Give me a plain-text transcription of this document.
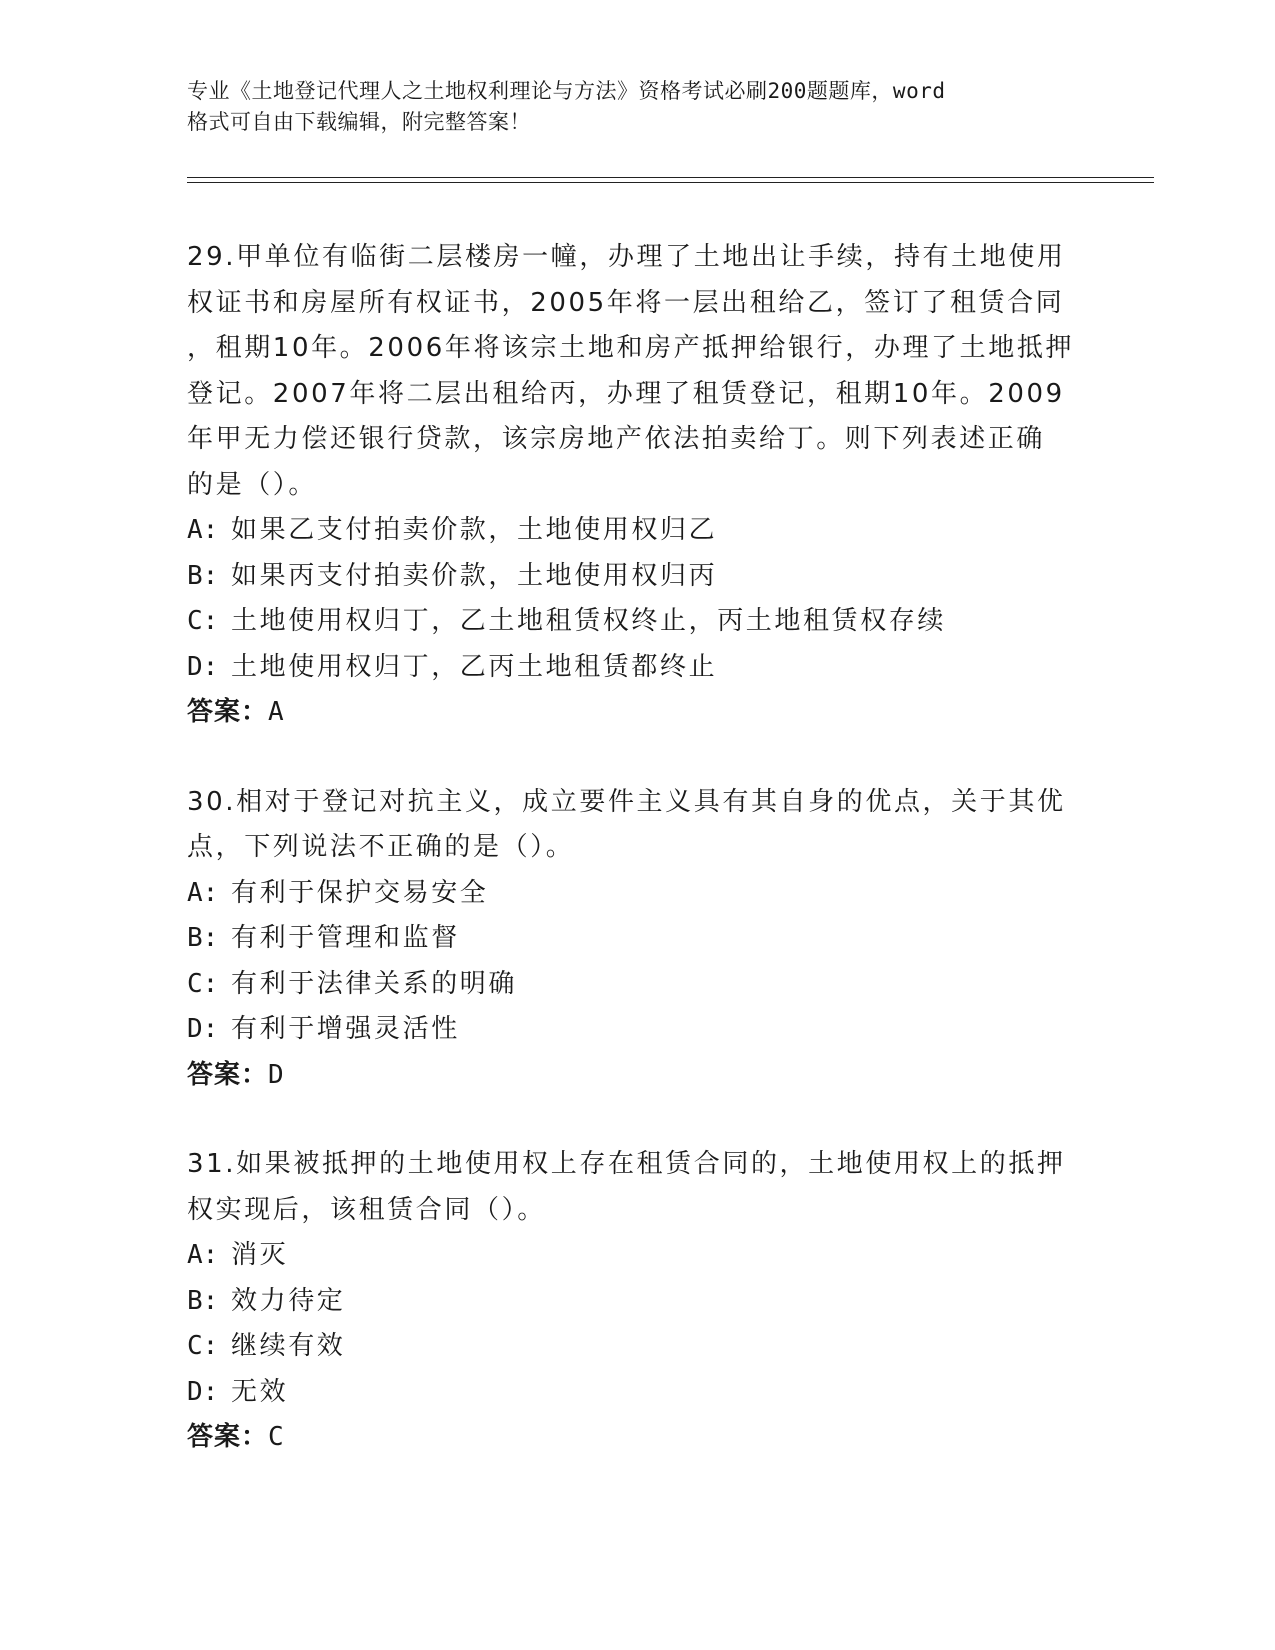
专业《土地登记代理人之土地权利理论与方法》资格考试必刷200题题库，word
格式可自由下载编辑，附完整答案！

29.甲单位有临街二层楼房一幢，办理了土地出让手续，持有土地使用

权证书和房屋所有权证书，2005年将一层出租给乙，签订了租赁合同

，租期10年。2006年将该宗土地和房产抵押给银行，办理了土地抵押

登记。2007年将二层出租给丙，办理了租赁登记，租期10年。2009

年甲无力偿还银行贷款，该宗房地产依法拍卖给丁。则下列表述正确

的是（）。

A: 如果乙支付拍卖价款，土地使用权归乙

B: 如果丙支付拍卖价款，土地使用权归丙

C: 土地使用权归丁，乙土地租赁权终止，丙土地租赁权存续

D: 土地使用权归丁，乙丙土地租赁都终止

答案：A

30.相对于登记对抗主义，成立要件主义具有其自身的优点，关于其优

点，下列说法不正确的是（）。

A: 有利于保护交易安全

B: 有利于管理和监督

C: 有利于法律关系的明确

D: 有利于增强灵活性

答案：D

31.如果被抵押的土地使用权上存在租赁合同的，土地使用权上的抵押

权实现后，该租赁合同（）。

A: 消灭

B: 效力待定

C: 继续有效

D: 无效

答案：C
